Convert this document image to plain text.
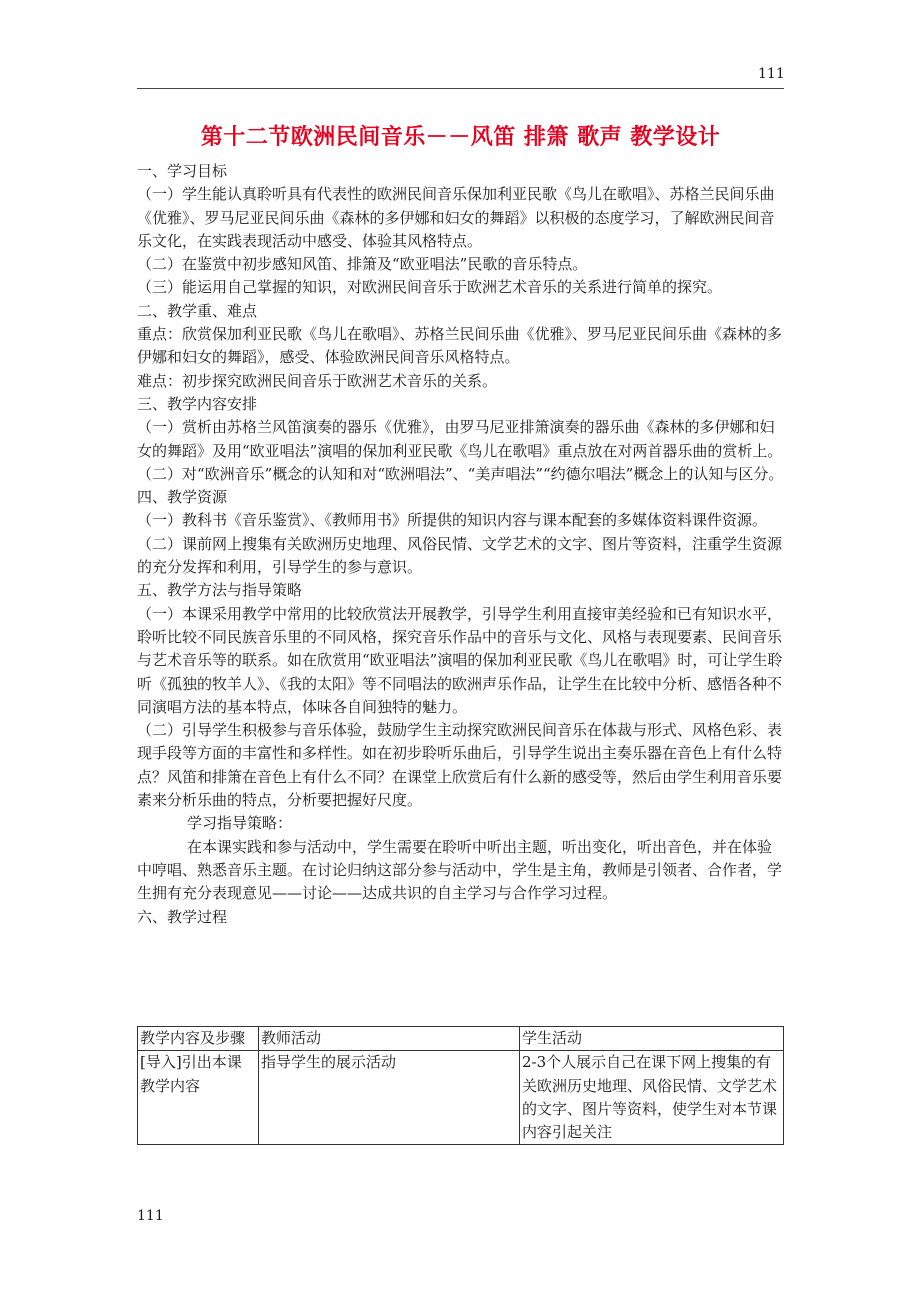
111
第十二节欧洲民间音乐－－风笛 排箫 歌声 教学设计

一、学习目标

（一）学生能认真聆听具有代表性的欧洲民间音乐保加利亚民歌《鸟儿在歌唱》、苏格兰民间乐曲《优雅》、罗马尼亚民间乐曲《森林的多伊娜和妇女的舞蹈》以积极的态度学习，了解欧洲民间音乐文化，在实践表现活动中感受、体验其风格特点。

（二）在鉴赏中初步感知风笛、排箫及“欧亚唱法”民歌的音乐特点。

（三）能运用自己掌握的知识，对欧洲民间音乐于欧洲艺术音乐的关系进行简单的探究。

二、教学重、难点

重点：欣赏保加利亚民歌《鸟儿在歌唱》、苏格兰民间乐曲《优雅》、罗马尼亚民间乐曲《森林的多伊娜和妇女的舞蹈》，感受、体验欧洲民间音乐风格特点。

难点：初步探究欧洲民间音乐于欧洲艺术音乐的关系。

三、教学内容安排

（一）赏析由苏格兰风笛演奏的器乐《优雅》，由罗马尼亚排箫演奏的器乐曲《森林的多伊娜和妇女的舞蹈》及用“欧亚唱法”演唱的保加利亚民歌《鸟儿在歌唱》重点放在对两首器乐曲的赏析上。

（二）对“欧洲音乐”概念的认知和对“欧洲唱法”、“美声唱法”“约德尔唱法”概念上的认知与区分。

四、教学资源

（一）教科书《音乐鉴赏》、《教师用书》所提供的知识内容与课本配套的多媒体资料课件资源。

（二）课前网上搜集有关欧洲历史地理、风俗民情、文学艺术的文字、图片等资料，注重学生资源的充分发挥和利用，引导学生的参与意识。

五、教学方法与指导策略

（一）本课采用教学中常用的比较欣赏法开展教学，引导学生利用直接审美经验和已有知识水平，聆听比较不同民族音乐里的不同风格，探究音乐作品中的音乐与文化、风格与表现要素、民间音乐与艺术音乐等的联系。如在欣赏用“欧亚唱法”演唱的保加利亚民歌《鸟儿在歌唱》时，可让学生聆听《孤独的牧羊人》、《我的太阳》等不同唱法的欧洲声乐作品，让学生在比较中分析、感悟各种不同演唱方法的基本特点，体味各自间独特的魅力。

（二）引导学生积极参与音乐体验，鼓励学生主动探究欧洲民间音乐在体裁与形式、风格色彩、表现手段等方面的丰富性和多样性。如在初步聆听乐曲后，引导学生说出主奏乐器在音色上有什么特点？风笛和排箫在音色上有什么不同？在课堂上欣赏后有什么新的感受等，然后由学生利用音乐要素来分析乐曲的特点，分析要把握好尺度。

学习指导策略：

在本课实践和参与活动中，学生需要在聆听中听出主题，听出变化，听出音色，并在体验中哼唱、熟悉音乐主题。在讨论归纳这部分参与活动中，学生是主角，教师是引领者、合作者，学生拥有充分表现意见——讨论——达成共识的自主学习与合作学习过程。

六、教学过程

教学内容及步骤	教师活动	学生活动
[导入]引出本课教学内容	指导学生的展示活动	2-3个人展示自己在课下网上搜集的有关欧洲历史地理、风俗民情、文学艺术的文字、图片等资料，使学生对本节课内容引起关注
111
